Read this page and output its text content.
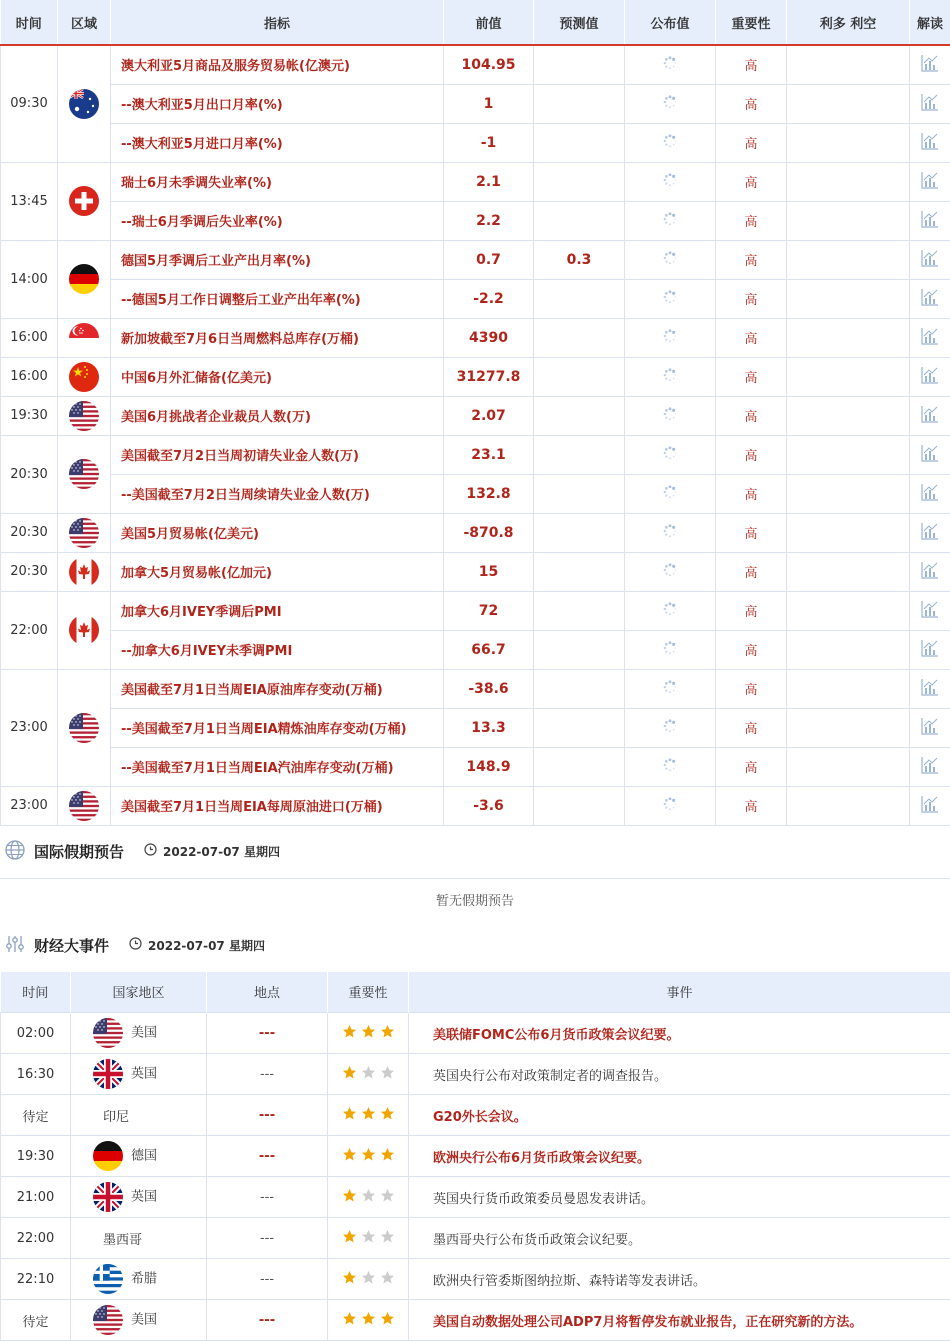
时间	区域	指标	前值	预测值	公布值	重要性	利多 利空	解读
09:30		澳大利亚5月商品及服务贸易帐(亿澳元)	104.95			高		
		--澳大利亚5月出口月率(%)	1			高		
		--澳大利亚5月进口月率(%)	-1			高		
13:45		瑞士6月未季调失业率(%)	2.1			高		
		--瑞士6月季调后失业率(%)	2.2			高		
14:00		德国5月季调后工业产出月率(%)	0.7	0.3		高		
		--德国5月工作日调整后工业产出年率(%)	-2.2			高		
16:00		新加坡截至7月6日当周燃料总库存(万桶)	4390			高		
16:00		中国6月外汇储备(亿美元)	31277.8			高		
19:30		美国6月挑战者企业裁员人数(万)	2.07			高		
20:30		美国截至7月2日当周初请失业金人数(万)	23.1			高		
		--美国截至7月2日当周续请失业金人数(万)	132.8			高		
20:30		美国5月贸易帐(亿美元)	-870.8			高		
20:30		加拿大5月贸易帐(亿加元)	15			高		
22:00		加拿大6月IVEY季调后PMI	72			高		
		--加拿大6月IVEY未季调PMI	66.7			高		
23:00		美国截至7月1日当周EIA原油库存变动(万桶)	-38.6			高		
		--美国截至7月1日当周EIA精炼油库存变动(万桶)	13.3			高		
		--美国截至7月1日当周EIA汽油库存变动(万桶)	148.9			高		
23:00		美国截至7月1日当周EIA每周原油进口(万桶)	-3.6			高		
国际假期预告	2022-07-07 星期四
暂无假期预告
财经大事件	2022-07-07 星期四
时间	国家地区	地点	重要性	事件
02:00	美国	---		美联储FOMC公布6月货币政策会议纪要。
16:30	英国	---		英国央行公布对政策制定者的调查报告。
待定	印尼	---		G20外长会议。
19:30	德国	---		欧洲央行公布6月货币政策会议纪要。
21:00	英国	---		英国央行货币政策委员曼恩发表讲话。
22:00	墨西哥	---		墨西哥央行公布货币政策会议纪要。
22:10	希腊	---		欧洲央行管委斯图纳拉斯、森特诺等发表讲话。
待定	美国	---		美国自动数据处理公司ADP7月将暂停发布就业报告，正在研究新的方法。
